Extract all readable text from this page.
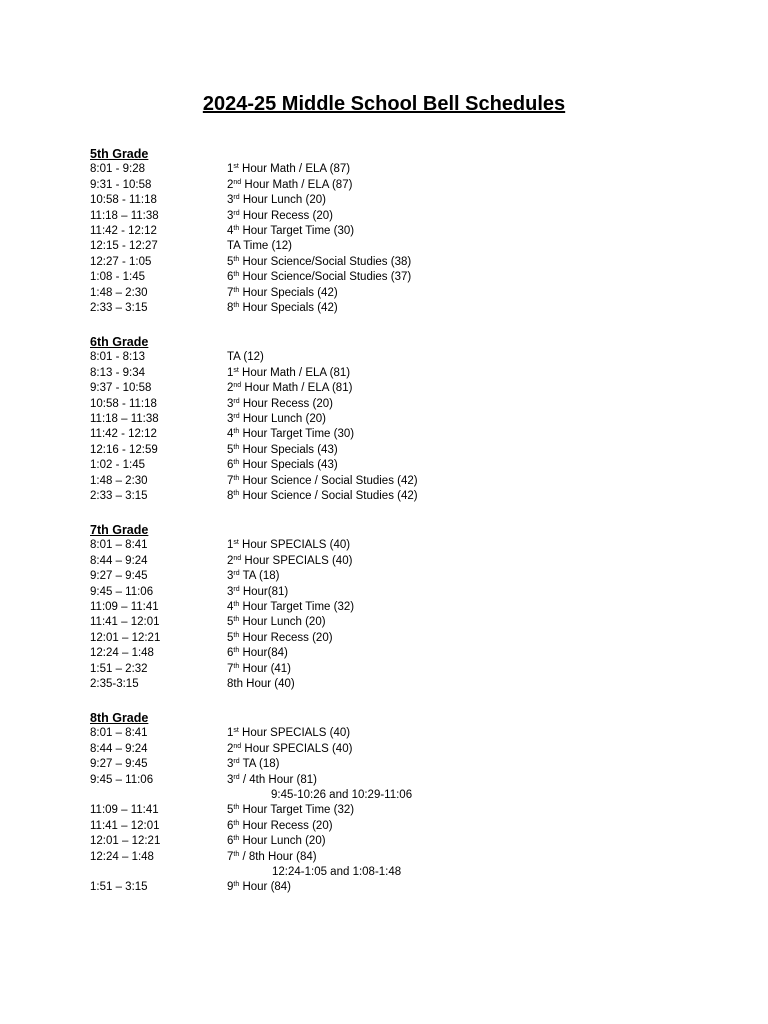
2024-25 Middle School Bell Schedules
5th Grade
8:01 - 9:28	1st Hour Math / ELA (87)
9:31 - 10:58	2nd Hour Math / ELA (87)
10:58 - 11:18	3rd Hour Lunch (20)
11:18 – 11:38	3rd Hour Recess (20)
11:42 - 12:12	4th Hour Target Time (30)
12:15 - 12:27	TA Time (12)
12:27 - 1:05	5th Hour Science/Social Studies (38)
1:08 - 1:45	6th Hour Science/Social Studies (37)
1:48 – 2:30	7th Hour Specials (42)
2:33 – 3:15	8th Hour Specials (42)
6th Grade
8:01 - 8:13	TA (12)
8:13 - 9:34	1st Hour Math / ELA (81)
9:37 - 10:58	2nd Hour Math / ELA (81)
10:58 - 11:18	3rd Hour Recess (20)
11:18 – 11:38	3rd Hour Lunch (20)
11:42 - 12:12	4th Hour Target Time (30)
12:16 - 12:59	5th Hour Specials (43)
1:02 - 1:45	6th Hour Specials (43)
1:48 – 2:30	7th Hour Science / Social Studies (42)
2:33 – 3:15	8th Hour Science / Social Studies (42)
7th Grade
8:01 – 8:41	1st Hour SPECIALS (40)
8:44 – 9:24	2nd Hour SPECIALS (40)
9:27 – 9:45	3rd TA (18)
9:45 – 11:06	3rd Hour(81)
11:09 – 11:41	4th Hour Target Time (32)
11:41 – 12:01	5th Hour Lunch (20)
12:01 – 12:21	5th Hour Recess (20)
12:24 – 1:48	6th Hour(84)
1:51 – 2:32	7th Hour (41)
2:35-3:15	8th Hour (40)
8th Grade
8:01 – 8:41	1st Hour SPECIALS (40)
8:44 – 9:24	2nd Hour SPECIALS (40)
9:27 – 9:45	3rd TA (18)
9:45 – 11:06	3rd / 4th Hour (81)
9:45-10:26 and 10:29-11:06
11:09 – 11:41	5th Hour Target Time (32)
11:41 – 12:01	6th Hour Recess (20)
12:01 – 12:21	6th Hour Lunch (20)
12:24 – 1:48	7th / 8th Hour (84)
12:24-1:05 and 1:08-1:48
1:51 – 3:15	9th Hour (84)
